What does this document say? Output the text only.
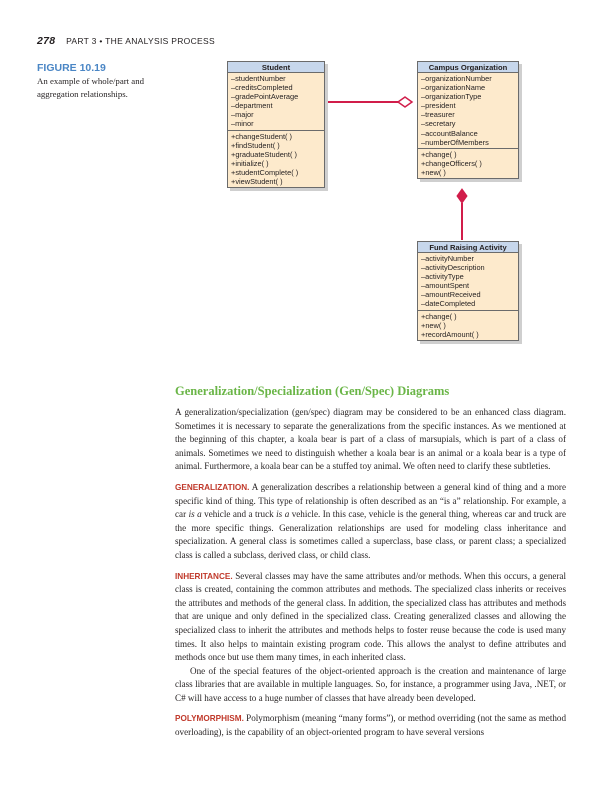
278 PART 3 • THE ANALYSIS PROCESS
FIGURE 10.19
An example of whole/part and aggregation relationships.
Student
–studentNumber
–creditsCompleted
–gradePointAverage
–department
–major
–minor
+changeStudent( )
+findStudent( )
+graduateStudent( )
+initialize( )
+studentComplete( )
+viewStudent( )
Campus Organization
–organizationNumber
–organizationName
–organizationType
–president
–treasurer
–secretary
–accountBalance
–numberOfMembers
+change( )
+changeOfficers( )
+new( )
Fund Raising Activity
–activityNumber
–activityDescription
–activityType
–amountSpent
–amountReceived
–dateCompleted
+change( )
+new( )
+recordAmount( )
Generalization/Specialization (Gen/Spec) Diagrams

A generalization/specialization (gen/spec) diagram may be considered to be an enhanced class diagram. Sometimes it is necessary to separate the generalizations from the specific instances. As we mentioned at the beginning of this chapter, a koala bear is part of a class of marsupials, which is part of a class of animals. Sometimes we need to distinguish whether a koala bear is an animal or a koala bear is a type of animal. Furthermore, a koala bear can be a stuffed toy animal. We often need to clarify these subtleties.

GENERALIZATION. A generalization describes a relationship between a general kind of thing and a more specific kind of thing. This type of relationship is often described as an “is a” relationship. For example, a car is a vehicle and a truck is a vehicle. In this case, vehicle is the general thing, whereas car and truck are the more specific things. Generalization relationships are used for modeling class inheritance and specialization. A general class is sometimes called a superclass, base class, or parent class; a specialized class is called a subclass, derived class, or child class.

INHERITANCE. Several classes may have the same attributes and/or methods. When this occurs, a general class is created, containing the common attributes and methods. The specialized class inherits or receives the attributes and methods of the general class. In addition, the specialized class has attributes and methods that are unique and only defined in the specialized class. Creating generalized classes and allowing the specialized class to inherit the attributes and methods helps to foster reuse because the code is used many times. It also helps to maintain existing program code. This allows the analyst to define attributes and methods once but use them many times, in each inherited class.

One of the special features of the object-oriented approach is the creation and maintenance of large class libraries that are available in multiple languages. So, for instance, a programmer using Java, .NET, or C# will have access to a huge number of classes that have already been developed.

POLYMORPHISM. Polymorphism (meaning “many forms”), or method overriding (not the same as method overloading), is the capability of an object-oriented program to have several versions
